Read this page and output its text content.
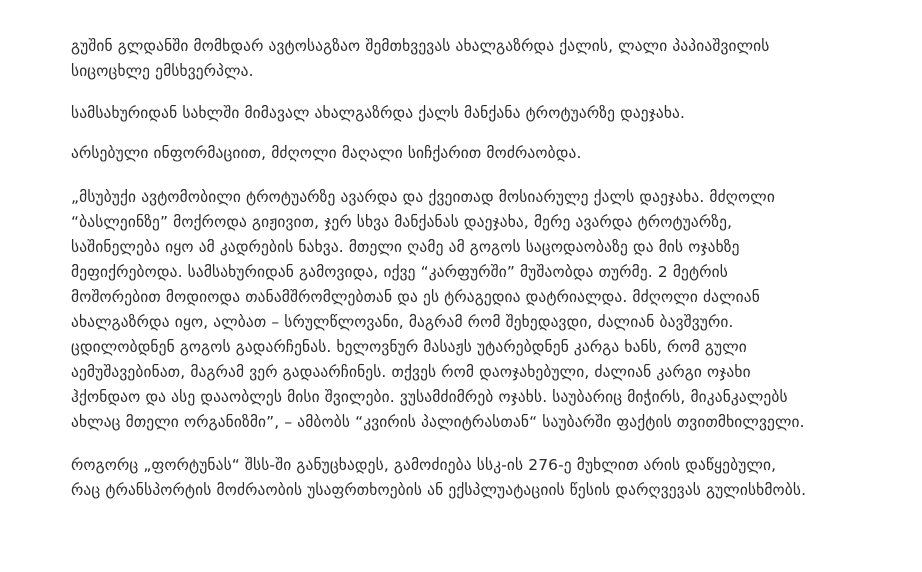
გუშინ გლდანში მომხდარ ავტოსაგზაო შემთხვევას ახალგაზრდა ქალის, ლალი პაპიაშვილის
სიცოცხლე ემსხვერპლა.

სამსახურიდან სახლში მიმავალ ახალგაზრდა ქალს მანქანა ტროტუარზე დაეჯახა.

არსებული ინფორმაციით, მძღოლი მაღალი სიჩქარით მოძრაობდა.

„მსუბუქი ავტომობილი ტროტუარზე ავარდა და ქვეითად მოსიარულე ქალს დაეჯახა. მძღოლი
“ბასლეინზე” მოქროდა გიჟივით, ჯერ სხვა მანქანას დაეჯახა, მერე ავარდა ტროტუარზე,
საშინელება იყო ამ კადრების ნახვა. მთელი ღამე ამ გოგოს საცოდაობაზე და მის ოჯახზე
მეფიქრებოდა. სამსახურიდან გამოვიდა, იქვე “კარფურში” მუშაობდა თურმე. 2 მეტრის
მოშორებით მოდიოდა თანამშრომლებთან და ეს ტრაგედია დატრიალდა. მძღოლი ძალიან
ახალგაზრდა იყო, ალბათ – სრულწლოვანი, მაგრამ რომ შეხედავდი, ძალიან ბავშვური.
ცდილობდნენ გოგოს გადარჩენას. ხელოვნურ მასაჟს უტარებდნენ კარგა ხანს, რომ გული
აემუშავებინათ, მაგრამ ვერ გადაარჩინეს. თქვეს რომ დაოჯახებული, ძალიან კარგი ოჯახი
ჰქონდაო და ასე დააობლეს მისი შვილები. ვუსამძიმრებ ოჯახს. საუბარიც მიჭირს, მიკანკალებს
ახლაც მთელი ორგანიზმი”, – ამბობს “კვირის პალიტრასთან“ საუბარში ფაქტის თვითმხილველი.

როგორც „ფორტუნას“ შსს-ში განუცხადეს, გამოძიება სსკ-ის 276-ე მუხლით არის დაწყებული,
რაც ტრანსპორტის მოძრაობის უსაფრთხოების ან ექსპლუატაციის წესის დარღვევას გულისხმობს.
